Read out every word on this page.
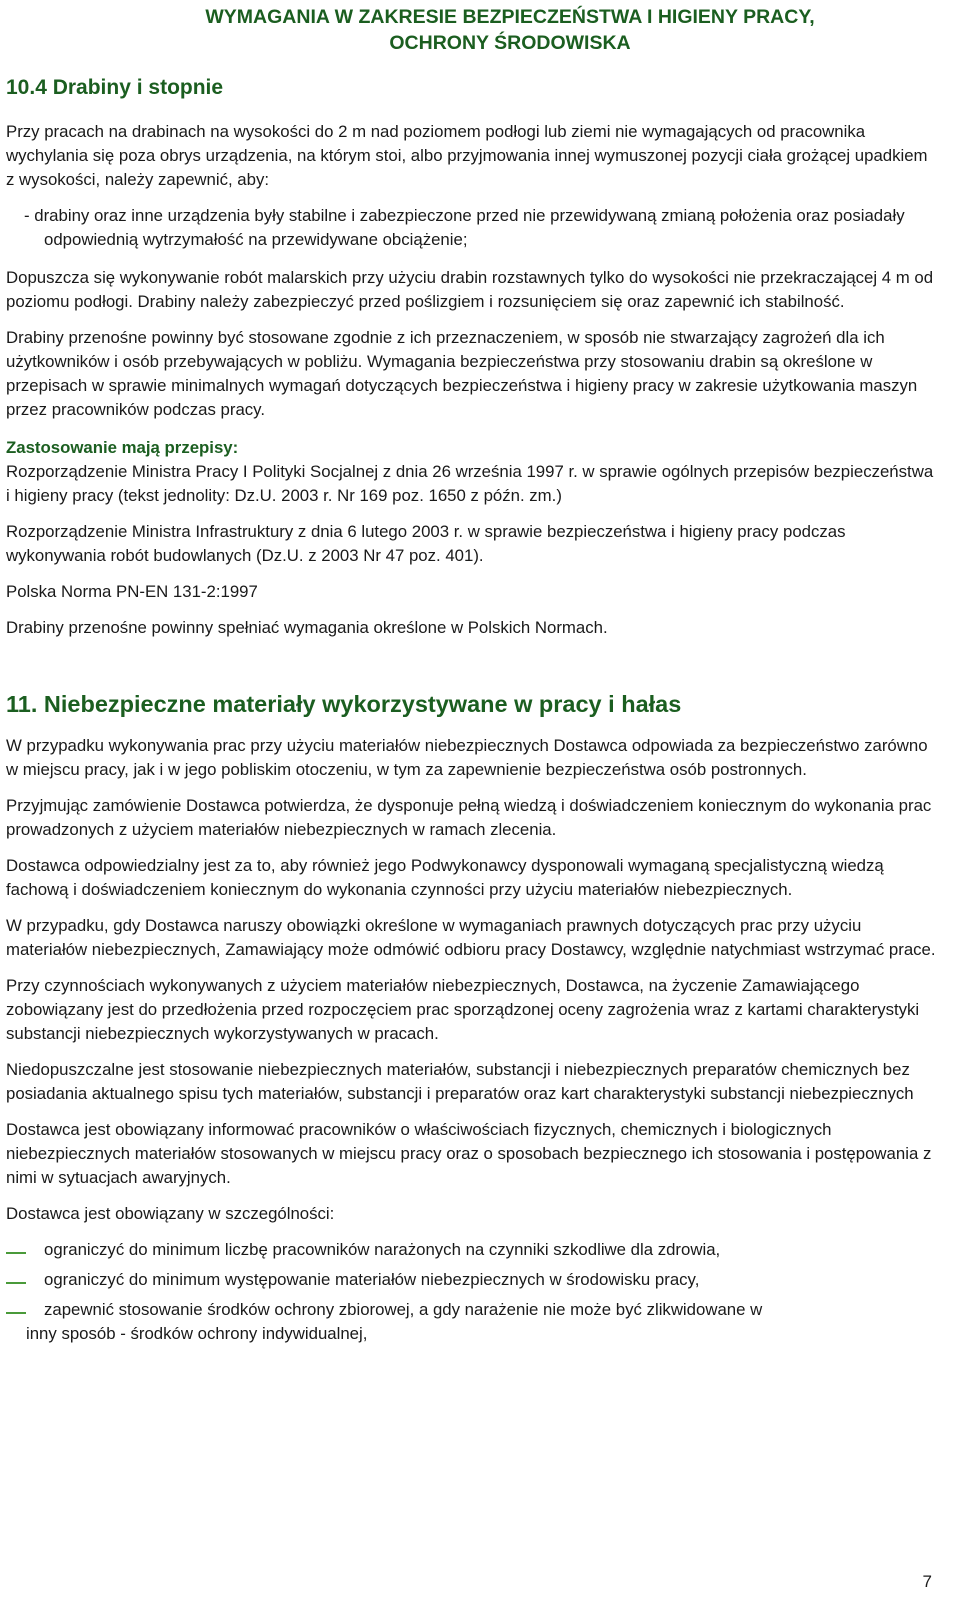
WYMAGANIA W ZAKRESIE BEZPIECZEŃSTWA I HIGIENY PRACY,
OCHRONY ŚRODOWISKA
10.4 Drabiny i stopnie

Przy pracach na drabinach na wysokości do 2 m nad poziomem podłogi lub ziemi nie wymagających od pracownika wychylania się poza obrys urządzenia, na którym stoi, albo przyjmowania innej wymuszonej pozycji ciała grożącej upadkiem z wysokości, należy zapewnić, aby:

- drabiny oraz inne urządzenia były stabilne i zabezpieczone przed nie przewidywaną zmianą położenia oraz posiadały odpowiednią wytrzymałość na przewidywane obciążenie;

Dopuszcza się wykonywanie robót malarskich przy użyciu drabin rozstawnych tylko do wysokości nie przekraczającej 4 m od poziomu podłogi. Drabiny należy zabezpieczyć przed poślizgiem i rozsunięciem się oraz zapewnić ich stabilność.

Drabiny przenośne powinny być stosowane zgodnie z ich przeznaczeniem, w sposób nie stwarzający zagrożeń dla ich użytkowników i osób przebywających w pobliżu. Wymagania bezpieczeństwa przy stosowaniu drabin są określone w przepisach w sprawie minimalnych wymagań dotyczących bezpieczeństwa i higieny pracy w zakresie użytkowania maszyn przez pracowników podczas pracy.

Zastosowanie mają przepisy:

Rozporządzenie Ministra Pracy I Polityki Socjalnej z dnia 26 września 1997 r. w sprawie ogólnych przepisów bezpieczeństwa i higieny pracy (tekst jednolity: Dz.U. 2003 r. Nr 169 poz. 1650 z późn. zm.)

Rozporządzenie Ministra Infrastruktury z dnia 6 lutego 2003 r. w sprawie bezpieczeństwa i higieny pracy podczas wykonywania robót budowlanych (Dz.U. z 2003 Nr 47 poz. 401).

Polska Norma PN-EN 131-2:1997

Drabiny przenośne powinny spełniać wymagania określone w Polskich Normach.

11. Niebezpieczne materiały wykorzystywane w pracy i hałas

W przypadku wykonywania prac przy użyciu materiałów niebezpiecznych Dostawca odpowiada za bezpieczeństwo zarówno w miejscu pracy, jak i w jego pobliskim otoczeniu, w tym za zapewnienie bezpieczeństwa osób postronnych.

Przyjmując zamówienie Dostawca potwierdza, że dysponuje pełną wiedzą i doświadczeniem koniecznym do wykonania prac prowadzonych z użyciem materiałów niebezpiecznych w ramach zlecenia.

Dostawca odpowiedzialny jest za to, aby również jego Podwykonawcy dysponowali wymaganą specjalistyczną wiedzą fachową i doświadczeniem koniecznym do wykonania czynności przy użyciu materiałów niebezpiecznych.

W przypadku, gdy Dostawca naruszy obowiązki określone w wymaganiach prawnych dotyczących prac przy użyciu materiałów niebezpiecznych, Zamawiający może odmówić odbioru pracy Dostawcy, względnie natychmiast wstrzymać prace.

Przy czynnościach wykonywanych z użyciem materiałów niebezpiecznych, Dostawca, na życzenie Zamawiającego zobowiązany jest do przedłożenia przed rozpoczęciem prac sporządzonej oceny zagrożenia wraz z kartami charakterystyki substancji niebezpiecznych wykorzystywanych w pracach.

Niedopuszczalne jest stosowanie niebezpiecznych materiałów, substancji i niebezpiecznych preparatów chemicznych bez posiadania aktualnego spisu tych materiałów, substancji i preparatów oraz kart charakterystyki substancji niebezpiecznych

Dostawca jest obowiązany informować pracowników o właściwościach fizycznych, chemicznych i biologicznych niebezpiecznych materiałów stosowanych w miejscu pracy oraz o sposobach bezpiecznego ich stosowania i postępowania z nimi w sytuacjach awaryjnych.

Dostawca jest obowiązany w szczególności:

ograniczyć do minimum liczbę pracowników narażonych na czynniki szkodliwe dla zdrowia,
ograniczyć do minimum występowanie materiałów niebezpiecznych w środowisku pracy,
zapewnić stosowanie środków ochrony zbiorowej, a gdy narażenie nie może być zlikwidowane w
inny sposób - środków ochrony indywidualnej,
7
